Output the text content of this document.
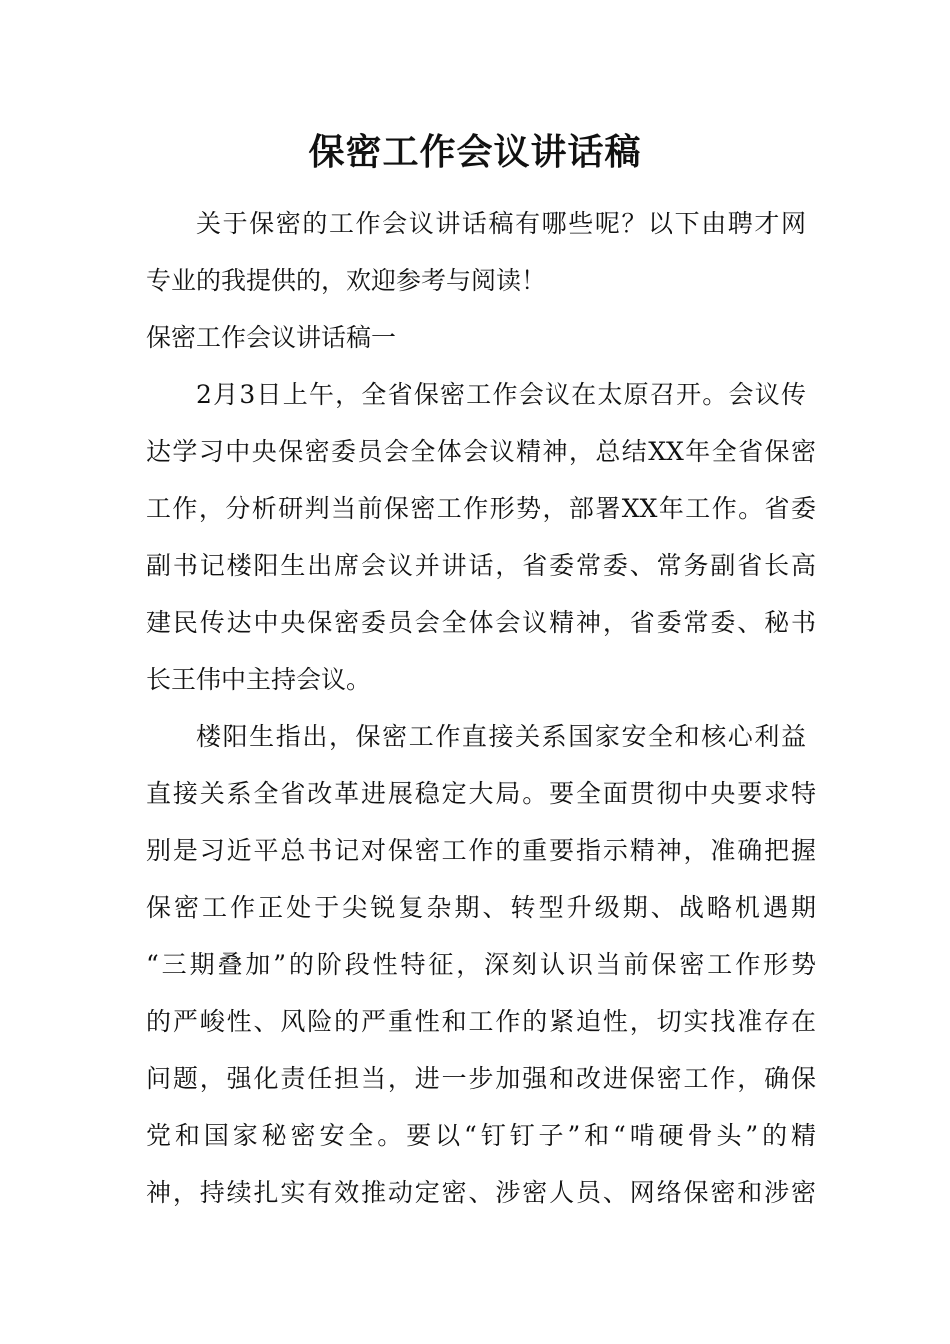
保密工作会议讲话稿

关于保密的工作会议讲话稿有哪些呢？以下由聘才网

专业的我提供的，欢迎参考与阅读！

保密工作会议讲话稿一

2月3日上午，全省保密工作会议在太原召开。会议传

达学习中央保密委员会全体会议精神，总结XX年全省保密

工作，分析研判当前保密工作形势，部署XX年工作。省委

副书记楼阳生出席会议并讲话，省委常委、常务副省长高

建民传达中央保密委员会全体会议精神，省委常委、秘书

长王伟中主持会议。

楼阳生指出，保密工作直接关系国家安全和核心利益

直接关系全省改革进展稳定大局。要全面贯彻中央要求特

别是习近平总书记对保密工作的重要指示精神，准确把握

保密工作正处于尖锐复杂期、转型升级期、战略机遇期

“三期叠加”的阶段性特征，深刻认识当前保密工作形势

的严峻性、风险的严重性和工作的紧迫性，切实找准存在

问题，强化责任担当，进一步加强和改进保密工作，确保

党和国家秘密安全。要以“钉钉子”和“啃硬骨头”的精

神，持续扎实有效推动定密、涉密人员、网络保密和涉密
